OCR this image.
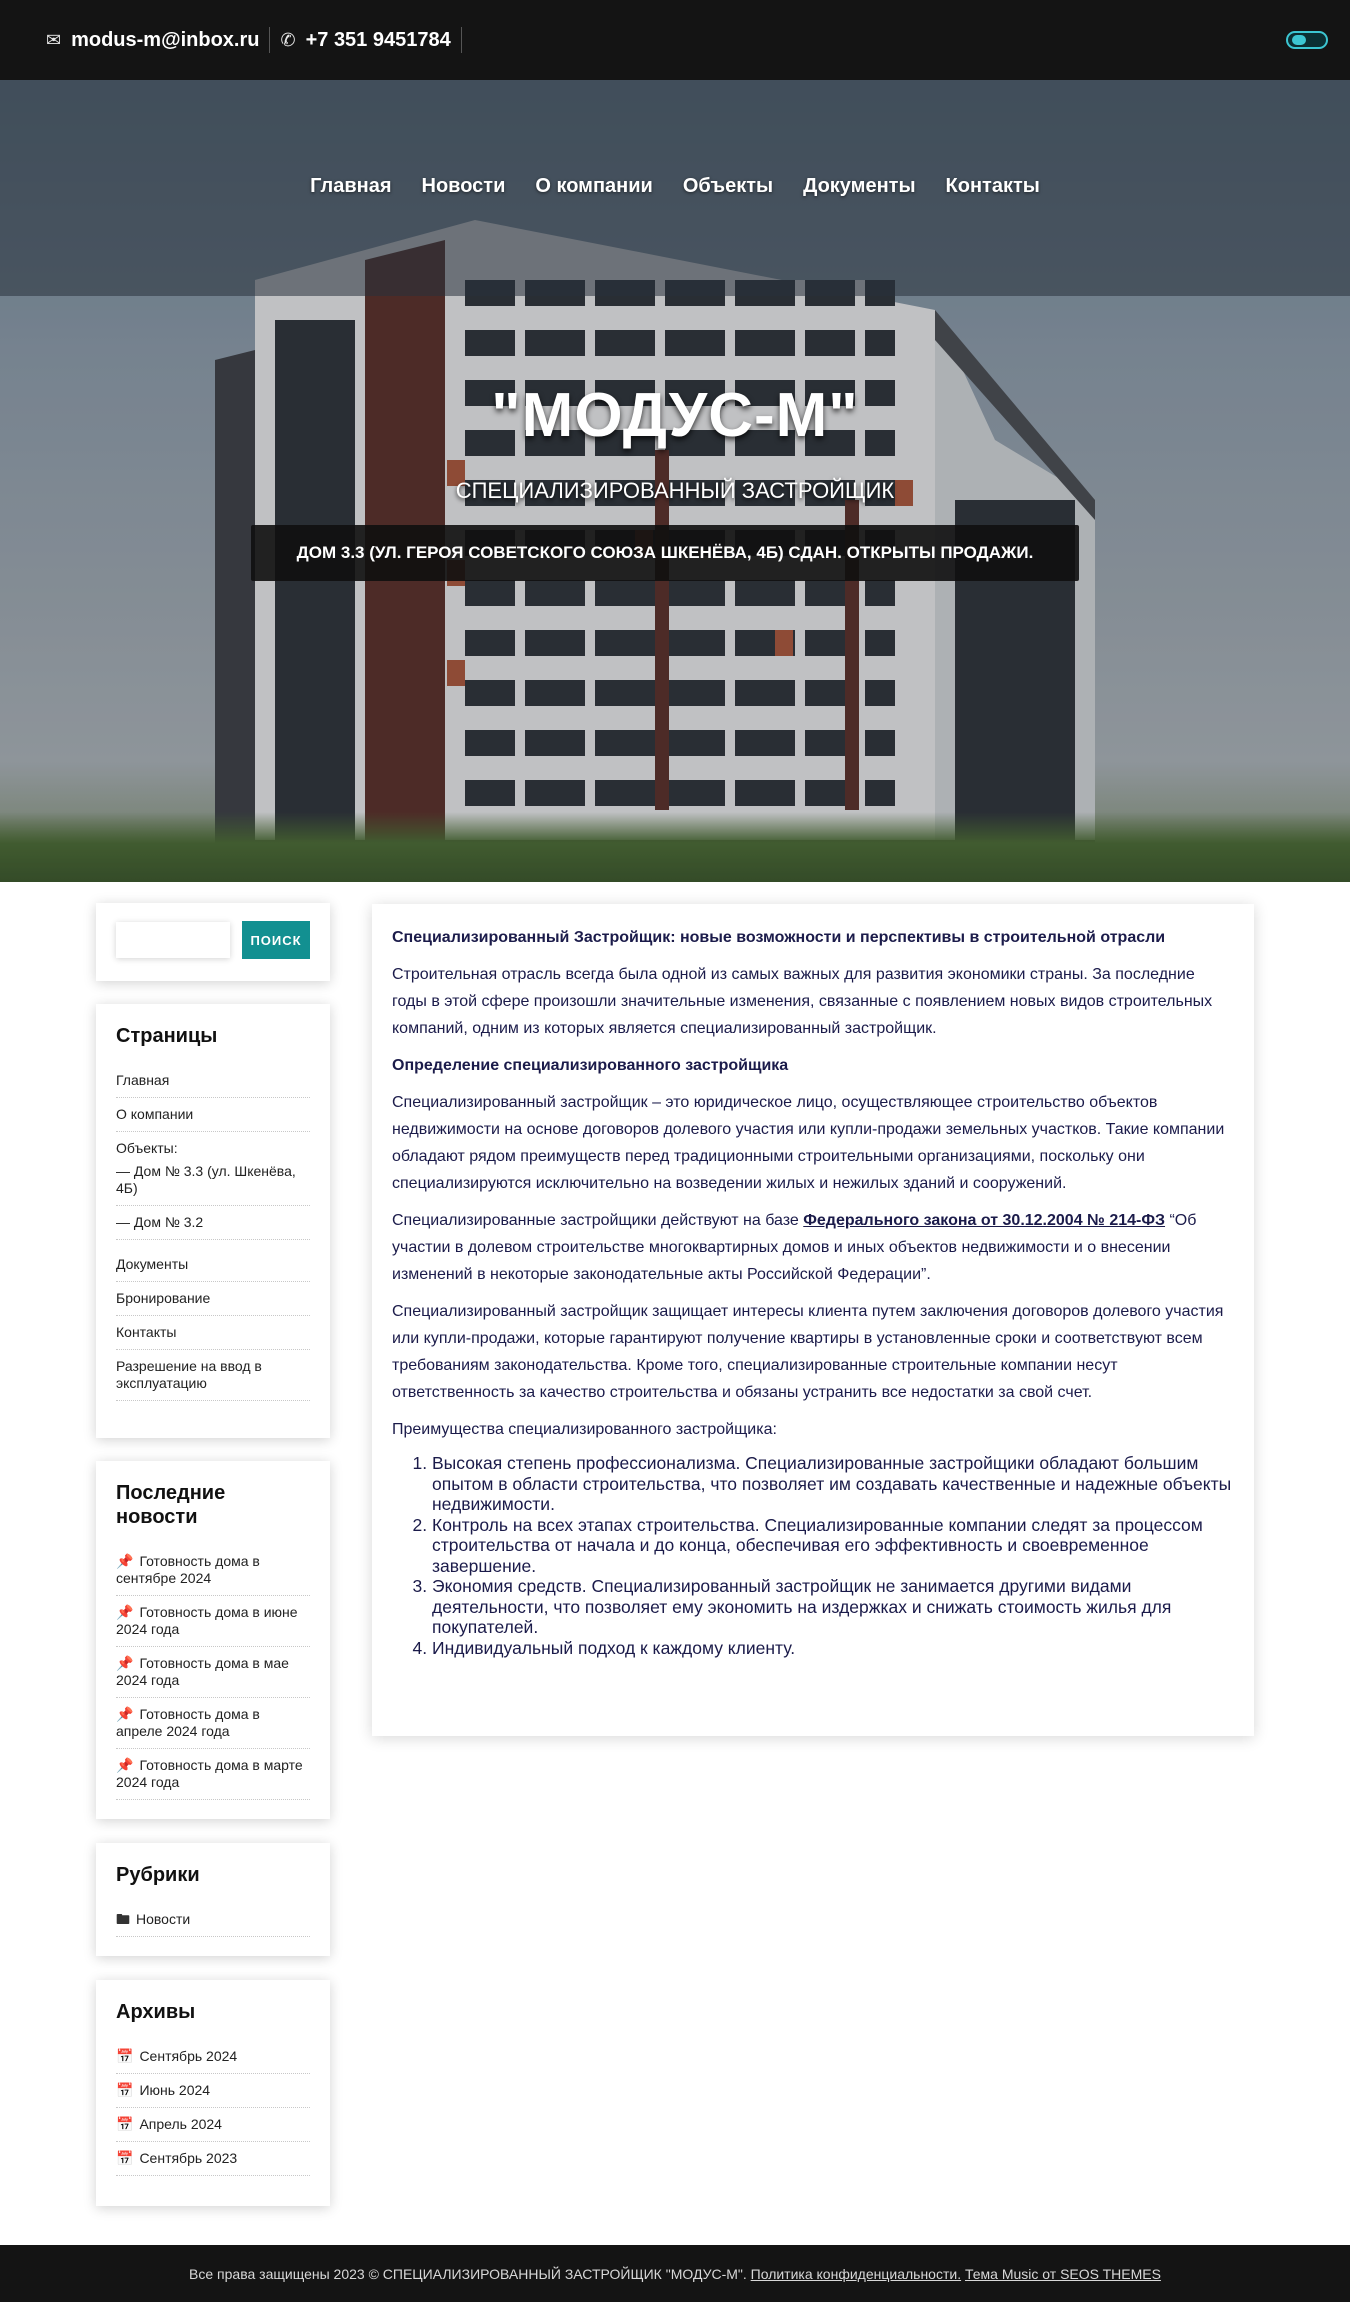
✉ modus-m@inbox.ru ✆ +7 351 9451784
Главная Новости О компании Объекты Документы Контакты
"МОДУС-М"
СПЕЦИАЛИЗИРОВАННЫЙ ЗАСТРОЙЩИК
ДОМ 3.3 (УЛ. ГЕРОЯ СОВЕТСКОГО СОЮЗА ШКЕНЁВА, 4Б) СДАН. ОТКРЫТЫ ПРОДАЖИ.
ПОИСК
Страницы
Главная
О компании
Объекты:
— Дом № 3.3 (ул. Шкенёва, 4Б)
— Дом № 3.2
Документы
Бронирование
Контакты
Разрешение на ввод в эксплуатацию
Последние новости
📌 Готовность дома в сентябре 2024
📌 Готовность дома в июне 2024 года
📌 Готовность дома в мае 2024 года
📌 Готовность дома в апреле 2024 года
📌 Готовность дома в марте 2024 года
Рубрики
🖿 Новости
Архивы
📅 Сентябрь 2024
📅 Июнь 2024
📅 Апрель 2024
📅 Сентябрь 2023

Специализированный Застройщик: новые возможности и перспективы в строительной отрасли

Строительная отрасль всегда была одной из самых важных для развития экономики страны. За последние годы в этой сфере произошли значительные изменения, связанные с появлением новых видов строительных компаний, одним из которых является специализированный застройщик.

Определение специализированного застройщика

Специализированный застройщик – это юридическое лицо, осуществляющее строительство объектов недвижимости на основе договоров долевого участия или купли-продажи земельных участков. Такие компании обладают рядом преимуществ перед традиционными строительными организациями, поскольку они специализируются исключительно на возведении жилых и нежилых зданий и сооружений.

Специализированные застройщики действуют на базе Федерального закона от 30.12.2004 № 214-ФЗ “Об участии в долевом строительстве многоквартирных домов и иных объектов недвижимости и о внесении изменений в некоторые законодательные акты Российской Федерации”.

Специализированный застройщик защищает интересы клиента путем заключения договоров долевого участия или купли-продажи, которые гарантируют получение квартиры в установленные сроки и соответствуют всем требованиям законодательства. Кроме того, специализированные строительные компании несут ответственность за качество строительства и обязаны устранить все недостатки за свой счет.

Преимущества специализированного застройщика:

1. Высокая степень профессионализма. Специализированные застройщики обладают большим опытом в области строительства, что позволяет им создавать качественные и надежные объекты недвижимости.
2. Контроль на всех этапах строительства. Специализированные компании следят за процессом строительства от начала и до конца, обеспечивая его эффективность и своевременное завершение.
3. Экономия средств. Специализированный застройщик не занимается другими видами деятельности, что позволяет ему экономить на издержках и снижать стоимость жилья для покупателей.
4. Индивидуальный подход к каждому клиенту.
Все права защищены 2023 © СПЕЦИАЛИЗИРОВАННЫЙ ЗАСТРОЙЩИК "МОДУС-М".
Политика конфиденциальности.
Тема Music от SEOS THEMES
